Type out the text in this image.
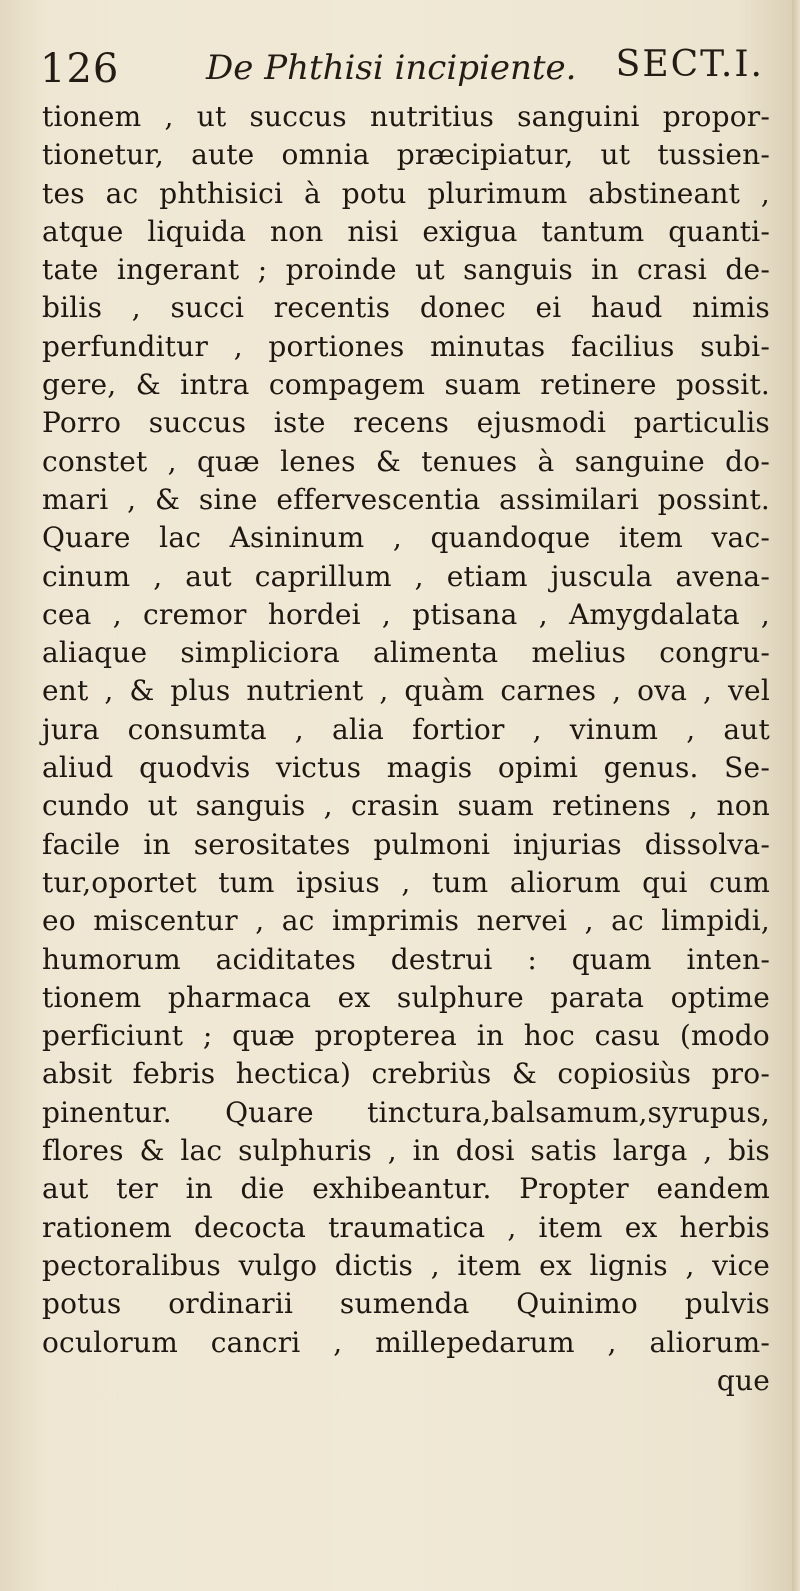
126	De Phthisi incipiente. SECT.I.
tionem , ut succus nutritius sanguini propor-
tionetur, aute omnia præcipiatur, ut tussien-
tes ac phthisici à potu plurimum abstineant ,
atque liquida non nisi exigua tantum quanti-
tate ingerant ; proinde ut sanguis in crasi de-
bilis , succi recentis donec ei haud nimis
perfunditur , portiones minutas facilius subi-
gere, & intra compagem suam retinere possit.
Porro succus iste recens ejusmodi particulis
constet , quæ lenes & tenues à sanguine do-
mari , & sine effervescentia assimilari possint.
Quare lac Asininum , quandoque item vac-
cinum , aut caprillum , etiam juscula avena-
cea , cremor hordei , ptisana , Amygdalata ,
aliaque simpliciora alimenta melius congru-
ent , & plus nutrient , quàm carnes , ova , vel
jura consumta , alia fortior , vinum , aut
aliud quodvis victus magis opimi genus. Se-
cundo ut sanguis , crasin suam retinens , non
facile in serositates pulmoni injurias dissolva-
tur,oportet tum ipsius , tum aliorum qui cum
eo miscentur , ac imprimis nervei , ac limpidi,
humorum aciditates destrui : quam inten-
tionem pharmaca ex sulphure parata optime
perficiunt ; quæ propterea in hoc casu (modo
absit febris hectica) crebriùs & copiosiùs pro-
pinentur. Quare tinctura,balsamum,syrupus,
flores & lac sulphuris , in dosi satis larga , bis
aut ter in die exhibeantur. Propter eandem
rationem decocta traumatica , item ex herbis
pectoralibus vulgo dictis , item ex lignis , vice
potus ordinarii sumenda Quinimo pulvis
oculorum cancri , millepedarum , aliorum-
que
